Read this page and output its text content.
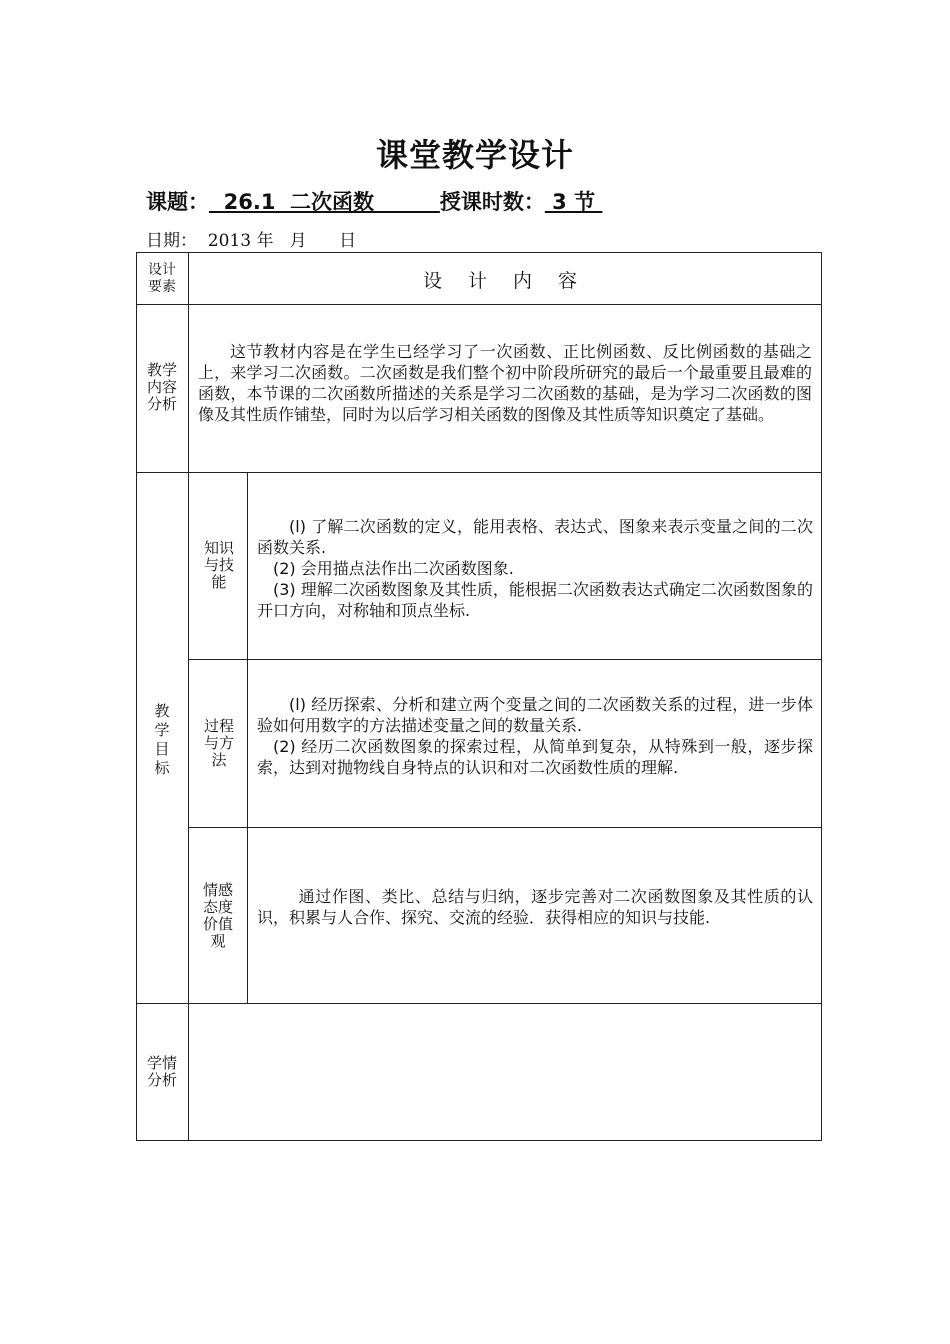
课堂教学设计
课题：  26.1  二次函数         授课时数： 3 节
日期：  2013 年   月      日
设计要素	设 计 内 容
教学内容分析

这节教材内容是在学生已经学习了一次函数、正比例函数、反比例函数的基础之上，来学习二次函数。二次函数是我们整个初中阶段所研究的最后一个最重要且最难的函数，本节课的二次函数所描述的关系是学习二次函数的基础，是为学习二次函数的图像及其性质作铺垫，同时为以后学习相关函数的图像及其性质等知识奠定了基础。

教学目标
知识与技能

(l) 了解二次函数的定义，能用表格、表达式、图象来表示变量之间的二次函数关系.

(2) 会用描点法作出二次函数图象.

(3) 理解二次函数图象及其性质，能根据二次函数表达式确定二次函数图象的开口方向，对称轴和顶点坐标.

过程与方法

(l) 经历探索、分析和建立两个变量之间的二次函数关系的过程，进一步体验如何用数字的方法描述变量之间的数量关系.

(2) 经历二次函数图象的探索过程，从简单到复杂，从特殊到一般，逐步探索，达到对抛物线自身特点的认识和对二次函数性质的理解.

情感态度价值观

通过作图、类比、总结与归纳，逐步完善对二次函数图象及其性质的认识，积累与人合作、探究、交流的经验．获得相应的知识与技能.

学情分析
